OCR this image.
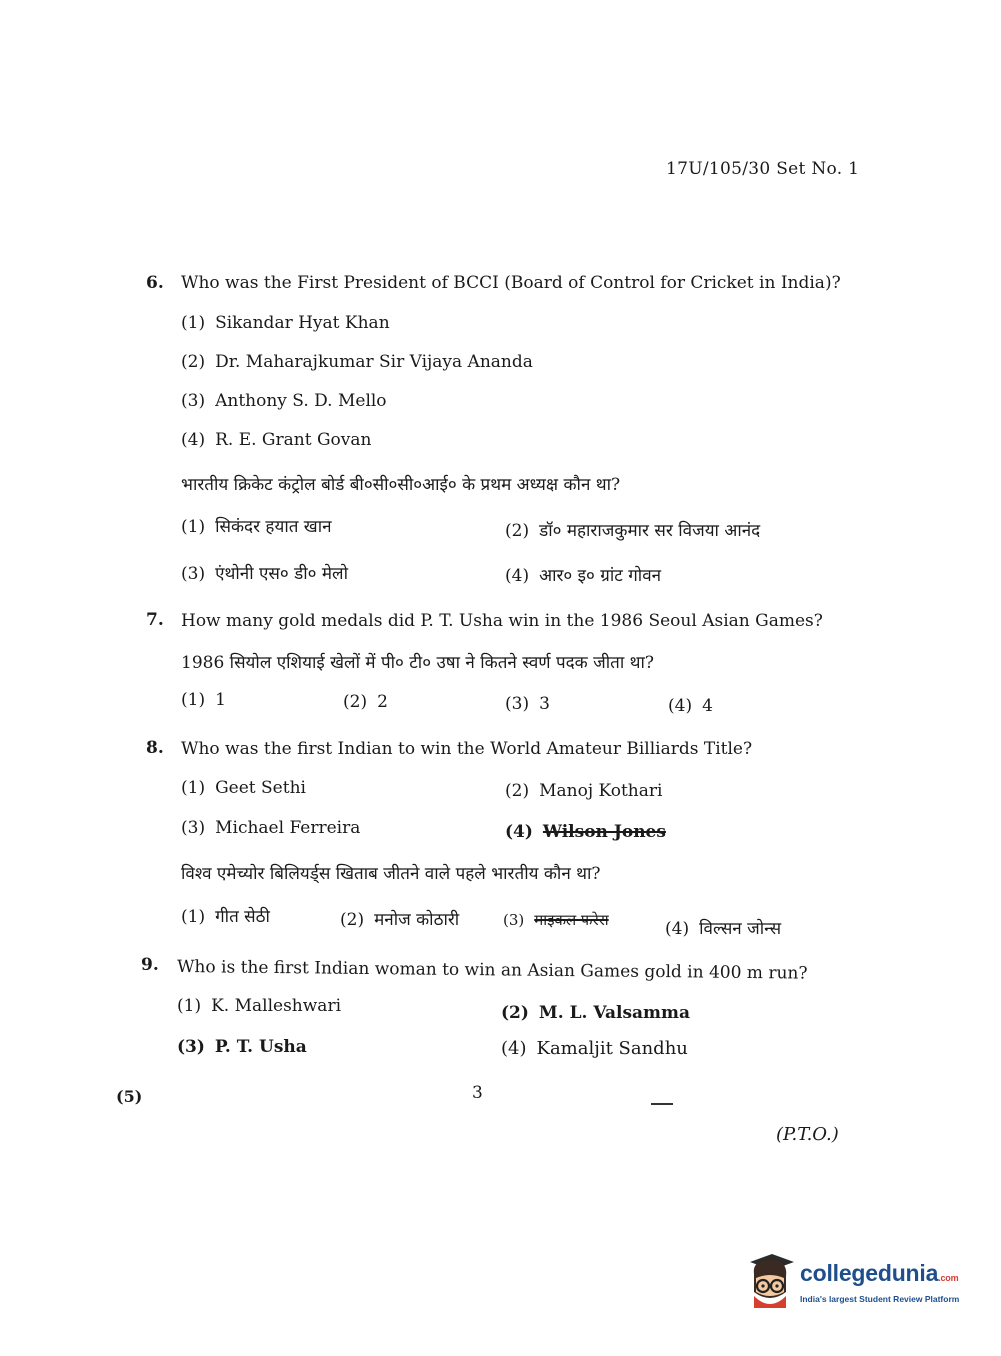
17U/105/30 Set No. 1
6. Who was the First President of BCCI (Board of Control for Cricket in India)?
(1) Sikandar Hyat Khan
(2) Dr. Maharajkumar Sir Vijaya Ananda
(3) Anthony S. D. Mello
(4) R. E. Grant Govan
भारतीय क्रिकेट कंट्रोल बोर्ड बी०सी०सी०आई० के प्रथम अध्यक्ष कौन था?
(1) सिकंदर हयात खान	(2) डॉ० महाराजकुमार सर विजया आनंद
(3) एंथोनी एस० डी० मेलो	(4) आर० इ० ग्रांट गोवन
7. How many gold medals did P. T. Usha win in the 1986 Seoul Asian Games?
1986 सियोल एशियाई खेलों में पी० टी० उषा ने कितने स्वर्ण पदक जीता था?
(1) 1	(2) 2	(3) 3	(4) 4
8. Who was the first Indian to win the World Amateur Billiards Title?
(1) Geet Sethi	(2) Manoj Kothari
(3) Michael Ferreira	(4) Wilson Jones
विश्व एमेच्योर बिलियर्ड्स खिताब जीतने वाले पहले भारतीय कौन था?
(1) गीत सेठी	(2) मनोज कोठारी	(3) माइकल फरेरा	(4) विल्सन जोन्स
9. Who is the first Indian woman to win an Asian Games gold in 400 m run?
(1) K. Malleshwari	(2) M. L. Valsamma
(3) P. T. Usha	(4) Kamaljit Sandhu
(5)	3
(P.T.O.)
collegedunia.com
India's largest Student Review Platform
